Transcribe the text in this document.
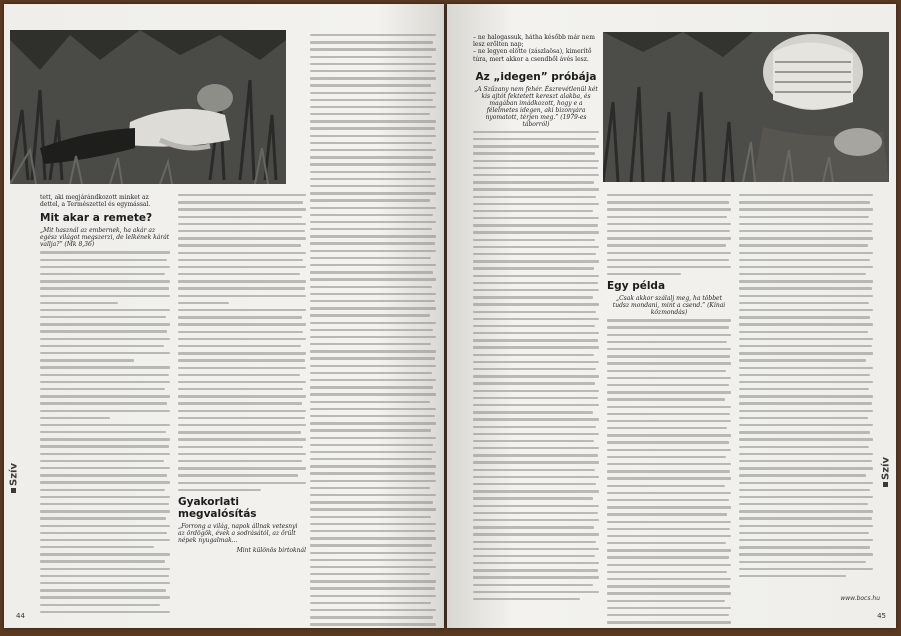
tett, aki megjárándkozott minket az
dettel, a Természettel és egymással.
Mit akar a remete?
„Mit használ az embernek, ha akár az egész világot megszerzi, de lelkének kárát vallja?” (Mk 8,36)
Gyakorlati megvalósítás
„Forrong a világ, napok állnak vetesnyi az ördögök, évek a sodrásától, az őrült népek nyugalmak...
Mint különös birtoknál
Szív
44
– ne halogassuk, hátha később már nem
lesz erőlten nap;
– ne legyen elötte (zászlaösa), kimerítő
túra, mert akkor a csendből ávés lesz.
Az „idegen” próbája
„A Szűzany nem fehér. Észrevétlenül két kis ajtót fektetett kereszt alakba, és magában imádkozott, hogy e a félelmetes idegen, aki bizonyára nyomatott, térjen meg.” (1979-es táborról)
Egy példa
„Csak akkor szálalj meg, ha többet tudsz mondani, mint a csend.” (Kínai közmondás)
www.bocs.hu
Szív
45
